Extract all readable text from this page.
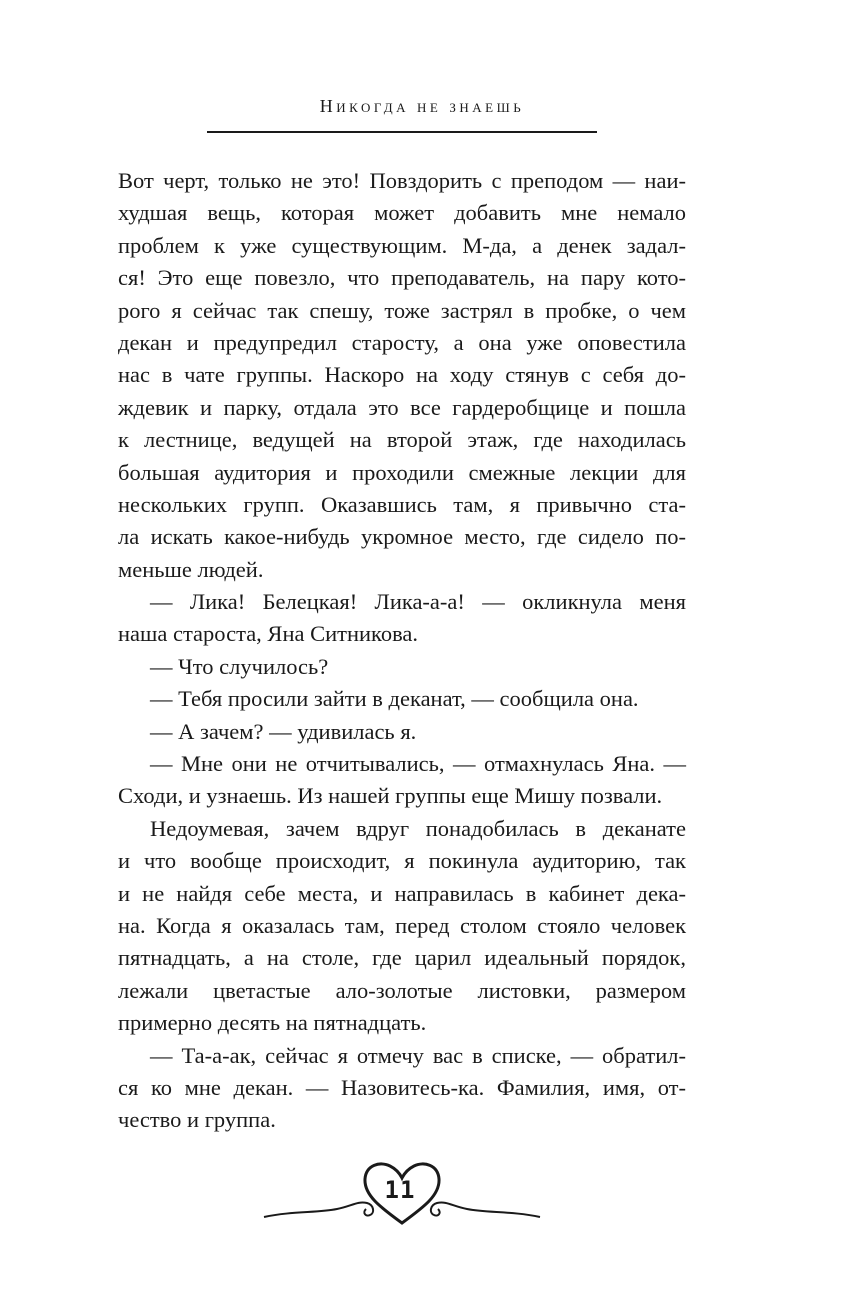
Никогда не знаешь
Вот черт, только не это! Повздорить с преподом — наи-
худшая вещь, которая может добавить мне немало
проблем к уже существующим. М-да, а денек задал-
ся! Это еще повезло, что преподаватель, на пару кото-
рого я сейчас так спешу, тоже застрял в пробке, о чем
декан и предупредил старосту, а она уже оповестила
нас в чате группы. Наскоро на ходу стянув с себя до-
ждевик и парку, отдала это все гардеробщице и пошла
к лестнице, ведущей на второй этаж, где находилась
большая аудитория и проходили смежные лекции для
нескольких групп. Оказавшись там, я привычно ста-
ла искать какое-нибудь укромное место, где сидело по-
меньше людей.
— Лика! Белецкая! Лика-а-а! — окликнула меня
наша староста, Яна Ситникова.
— Что случилось?
— Тебя просили зайти в деканат, — сообщила она.
— А зачем? — удивилась я.
— Мне они не отчитывались, — отмахнулась Яна. —
Сходи, и узнаешь. Из нашей группы еще Мишу позвали.
Недоумевая, зачем вдруг понадобилась в деканате
и что вообще происходит, я покинула аудиторию, так
и не найдя себе места, и направилась в кабинет дека-
на. Когда я оказалась там, перед столом стояло человек
пятнадцать, а на столе, где царил идеальный порядок,
лежали цветастые ало-золотые листовки, размером
примерно десять на пятнадцать.
— Та-а-ак, сейчас я отмечу вас в списке, — обратил-
ся ко мне декан. — Назовитесь-ка. Фамилия, имя, от-
чество и группа.
11
